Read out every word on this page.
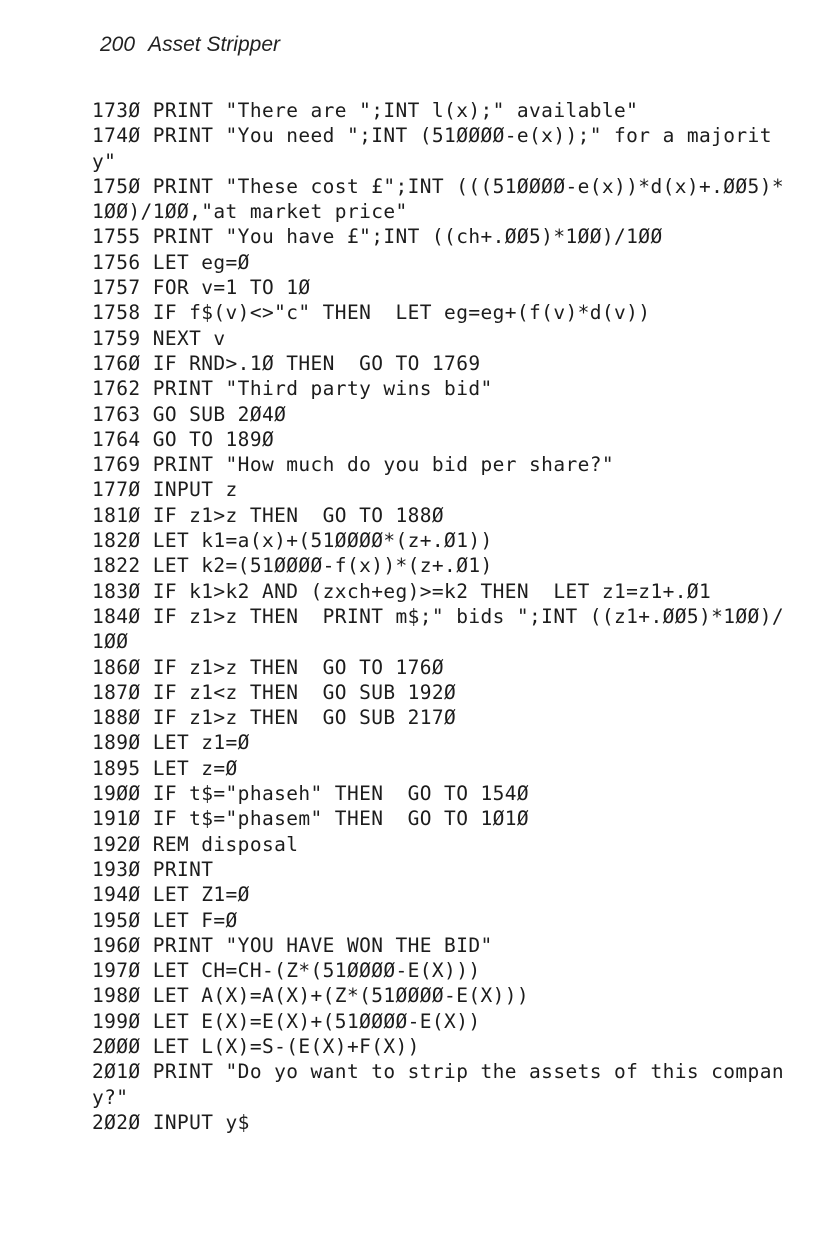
200 Asset Stripper
173Ø PRINT "There are ";INT l(x);" available"
174Ø PRINT "You need ";INT (51ØØØØ-e(x));" for a majority"
175Ø PRINT "These cost £";INT (((51ØØØØ-e(x))*d(x)+.ØØ5)*1ØØ)/1ØØ,"at market price"
1755 PRINT "You have £";INT ((ch+.ØØ5)*1ØØ)/1ØØ
1756 LET eg=Ø
1757 FOR v=1 TO 1Ø
1758 IF f$(v)<>"c" THEN  LET eg=eg+(f(v)*d(v))
1759 NEXT v
176Ø IF RND>.1Ø THEN  GO TO 1769
1762 PRINT "Third party wins bid"
1763 GO SUB 2Ø4Ø
1764 GO TO 189Ø
1769 PRINT "How much do you bid per share?"
177Ø INPUT z
181Ø IF z1>z THEN  GO TO 188Ø
182Ø LET k1=a(x)+(51ØØØØ*(z+.Ø1))
1822 LET k2=(51ØØØØ-f(x))*(z+.Ø1)
183Ø IF k1>k2 AND (zxch+eg)>=k2 THEN  LET z1=z1+.Ø1
184Ø IF z1>z THEN  PRINT m$;" bids ";INT ((z1+.ØØ5)*1ØØ)/1ØØ
186Ø IF z1>z THEN  GO TO 176Ø
187Ø IF z1<z THEN  GO SUB 192Ø
188Ø IF z1>z THEN  GO SUB 217Ø
189Ø LET z1=Ø
1895 LET z=Ø
19ØØ IF t$="phaseh" THEN  GO TO 154Ø
191Ø IF t$="phasem" THEN  GO TO 1Ø1Ø
192Ø REM disposal
193Ø PRINT
194Ø LET Z1=Ø
195Ø LET F=Ø
196Ø PRINT "YOU HAVE WON THE BID"
197Ø LET CH=CH-(Z*(51ØØØØ-E(X)))
198Ø LET A(X)=A(X)+(Z*(51ØØØØ-E(X)))
199Ø LET E(X)=E(X)+(51ØØØØ-E(X))
2ØØØ LET L(X)=S-(E(X)+F(X))
2Ø1Ø PRINT "Do yo want to strip the assets of this company?"
2Ø2Ø INPUT y$
